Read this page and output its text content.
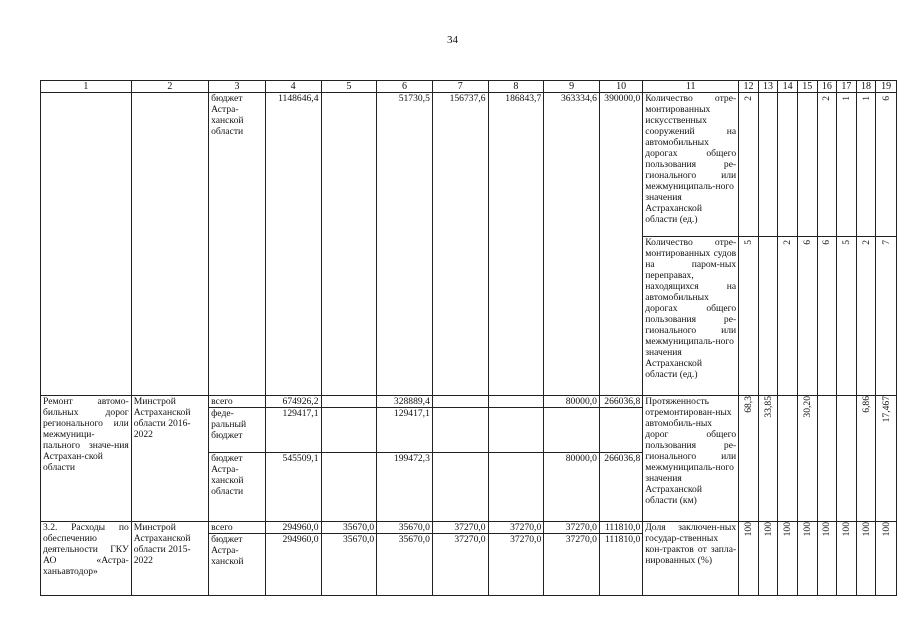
34
1	2	3	4	5	6	7	8	9	10	11	12	13	14	15	16	17	18	19
		бюджет Астра-ханской области	1148646,4		51730,5	156737,6	186843,7	363334,6	390000,0	Количество отре-монтированных искусственных сооружений на автомобильных дорогах общего пользования ре-гионального или межмуниципаль-ного значения Астраханской области (ед.)	2				2	1	1	6
										Количество отре-монтированных судов на паром-ных переправах, находящихся на автомобильных дорогах общего пользования ре-гионального или межмуниципаль-ного значения Астраханской области (ед.)	5		2	6	6	5	2	7
Ремонт автомо-бильных дорог регионального или межмуници-пального значе-ния Астрахан-ской области	Минстрой Астраханской области 2016-2022	всего	674926,2		328889,4			80000,0	266036,8	Протяженность отремонтирован-ных автомобиль-ных дорог общего пользования ре-гионального или межмуниципаль-ного значения Астраханской области (км)	68,3	33,85		30,20			6,86	17,467
		феде-ральный бюджет	129417,1		129417,1													
		бюджет Астра-ханской области	545509,1		199472,3			80000,0	266036,8									
3.2. Расходы по обеспечению деятельности ГКУ АО «Астра-ханьавтодор»	Минстрой Астраханской области 2015-2022	всего	294960,0	35670,0	35670,0	37270,0	37270,0	37270,0	111810,0	Доля заключен-ных государ-ственных кон-трактов от запла-нированных (%)	100	100	100	100	100	100	100	100
		бюджет Астра-ханской	294960,0	35670,0	35670,0	37270,0	37270,0	37270,0	111810,0									
